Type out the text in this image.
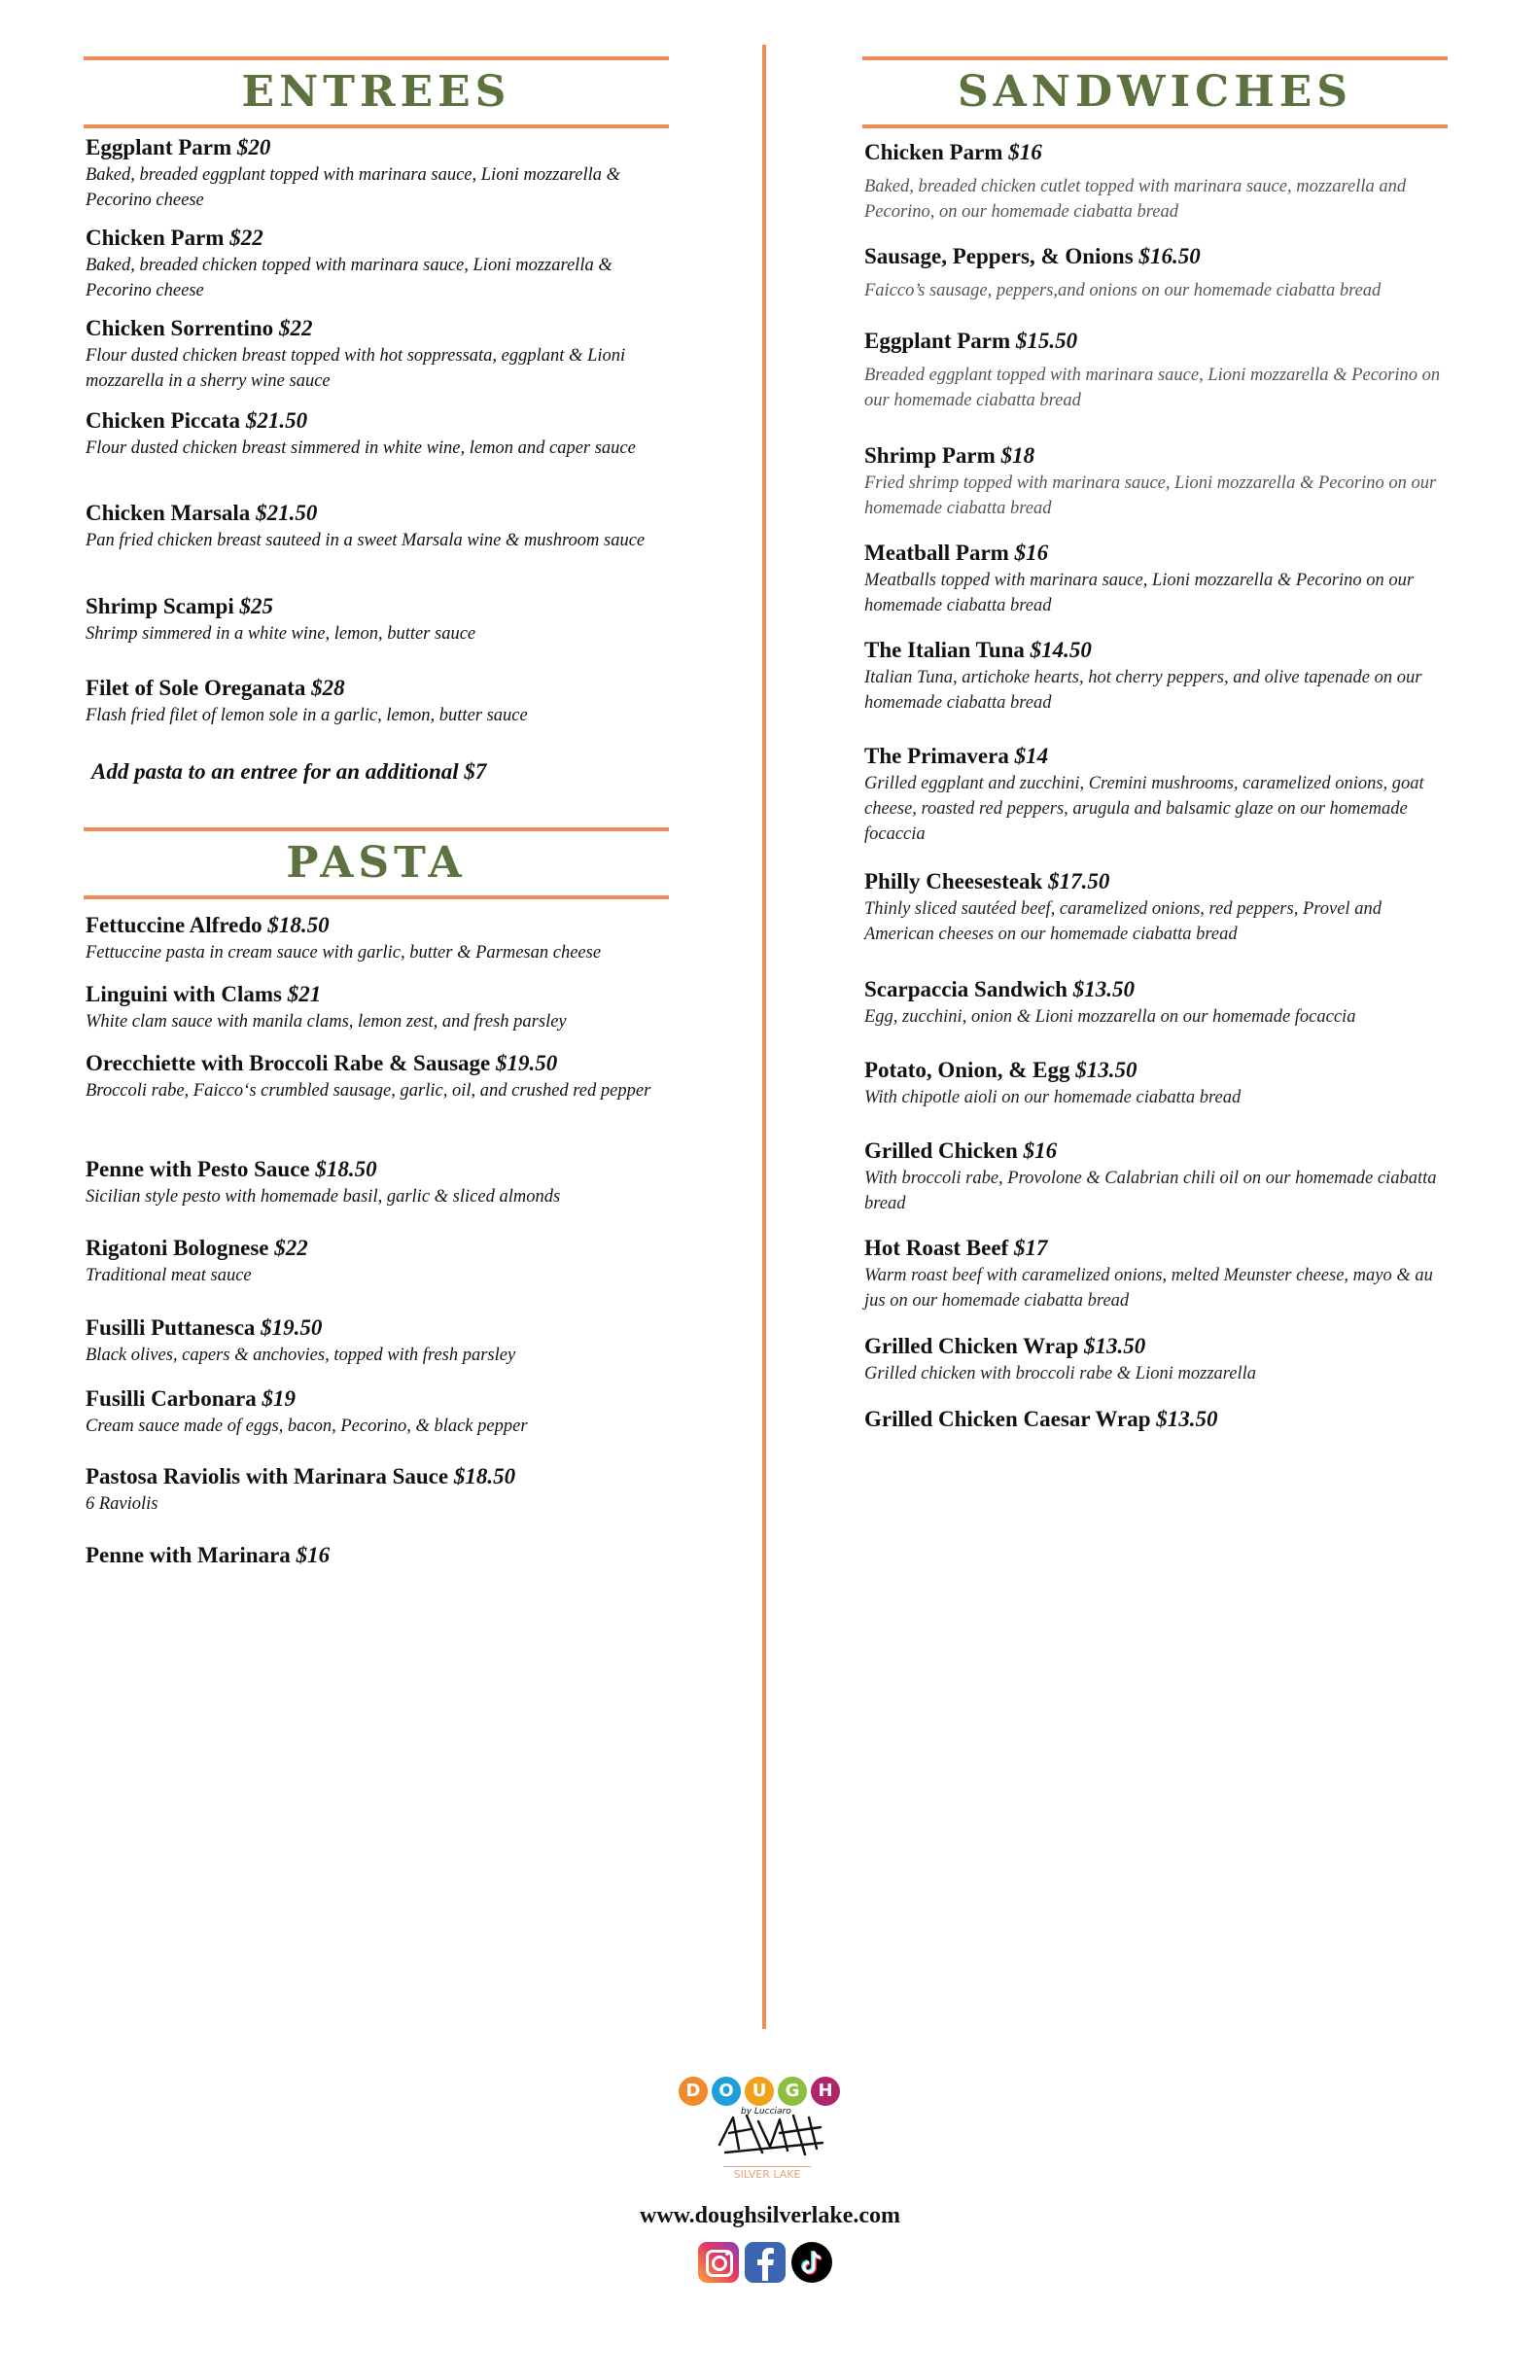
ENTREES
Eggplant Parm $20
Baked, breaded eggplant topped with marinara sauce, Lioni mozzarella & Pecorino cheese
Chicken Parm $22
Baked, breaded chicken topped with marinara sauce, Lioni mozzarella & Pecorino cheese
Chicken Sorrentino $22
Flour dusted chicken breast topped with hot soppressata, eggplant & Lioni mozzarella in a sherry wine sauce
Chicken Piccata $21.50
Flour dusted chicken breast simmered in white wine, lemon and caper sauce
Chicken Marsala $21.50
Pan fried chicken breast sauteed in a sweet Marsala wine & mushroom sauce
Shrimp Scampi $25
Shrimp simmered in a white wine, lemon, butter sauce
Filet of Sole Oreganata $28
Flash fried filet of lemon sole in a garlic, lemon, butter sauce
Add pasta to an entree for an additional $7
PASTA
Fettuccine Alfredo $18.50
Fettuccine pasta in cream sauce with garlic, butter & Parmesan cheese
Linguini with Clams $21
White clam sauce with manila clams, lemon zest, and fresh parsley
Orecchiette with Broccoli Rabe & Sausage $19.50
Broccoli rabe, Faicco‘s crumbled sausage, garlic, oil, and crushed red pepper
Penne with Pesto Sauce $18.50
Sicilian style pesto with homemade basil, garlic & sliced almonds
Rigatoni Bolognese $22
Traditional meat sauce
Fusilli Puttanesca $19.50
Black olives, capers & anchovies, topped with fresh parsley
Fusilli Carbonara $19
Cream sauce made of eggs, bacon, Pecorino, & black pepper
Pastosa Raviolis with Marinara Sauce $18.50
6 Raviolis
Penne with Marinara $16
SANDWICHES
Chicken Parm $16
Baked, breaded chicken cutlet topped with marinara sauce, mozzarella and Pecorino, on our homemade ciabatta bread
Sausage, Peppers, & Onions $16.50
Faicco’s sausage, peppers,and onions on our homemade ciabatta bread
Eggplant Parm $15.50
Breaded eggplant topped with marinara sauce, Lioni mozzarella & Pecorino on our homemade ciabatta bread
Shrimp Parm $18
Fried shrimp topped with marinara sauce, Lioni mozzarella & Pecorino on our homemade ciabatta bread
Meatball Parm $16
Meatballs topped with marinara sauce, Lioni mozzarella & Pecorino on our homemade ciabatta bread
The Italian Tuna $14.50
Italian Tuna, artichoke hearts, hot cherry peppers, and olive tapenade on our homemade ciabatta bread
The Primavera $14
Grilled eggplant and zucchini, Cremini mushrooms, caramelized onions, goat cheese, roasted red peppers, arugula and balsamic glaze on our homemade focaccia
Philly Cheesesteak $17.50
Thinly sliced sautéed beef, caramelized onions, red peppers, Provel and American cheeses on our homemade ciabatta bread
Scarpaccia Sandwich $13.50
Egg, zucchini, onion & Lioni mozzarella on our homemade focaccia
Potato, Onion, & Egg $13.50
With chipotle aioli on our homemade ciabatta bread
Grilled Chicken $16
With broccoli rabe, Provolone & Calabrian chili oil on our homemade ciabatta bread
Hot Roast Beef $17
Warm roast beef with caramelized onions, melted Meunster cheese, mayo & au jus on our homemade ciabatta bread
Grilled Chicken Wrap $13.50
Grilled chicken with broccoli rabe & Lioni mozzarella
Grilled Chicken Caesar Wrap $13.50
D	O	U	G	H
by Lucciaro
SILVER LAKE
www.doughsilverlake.com
